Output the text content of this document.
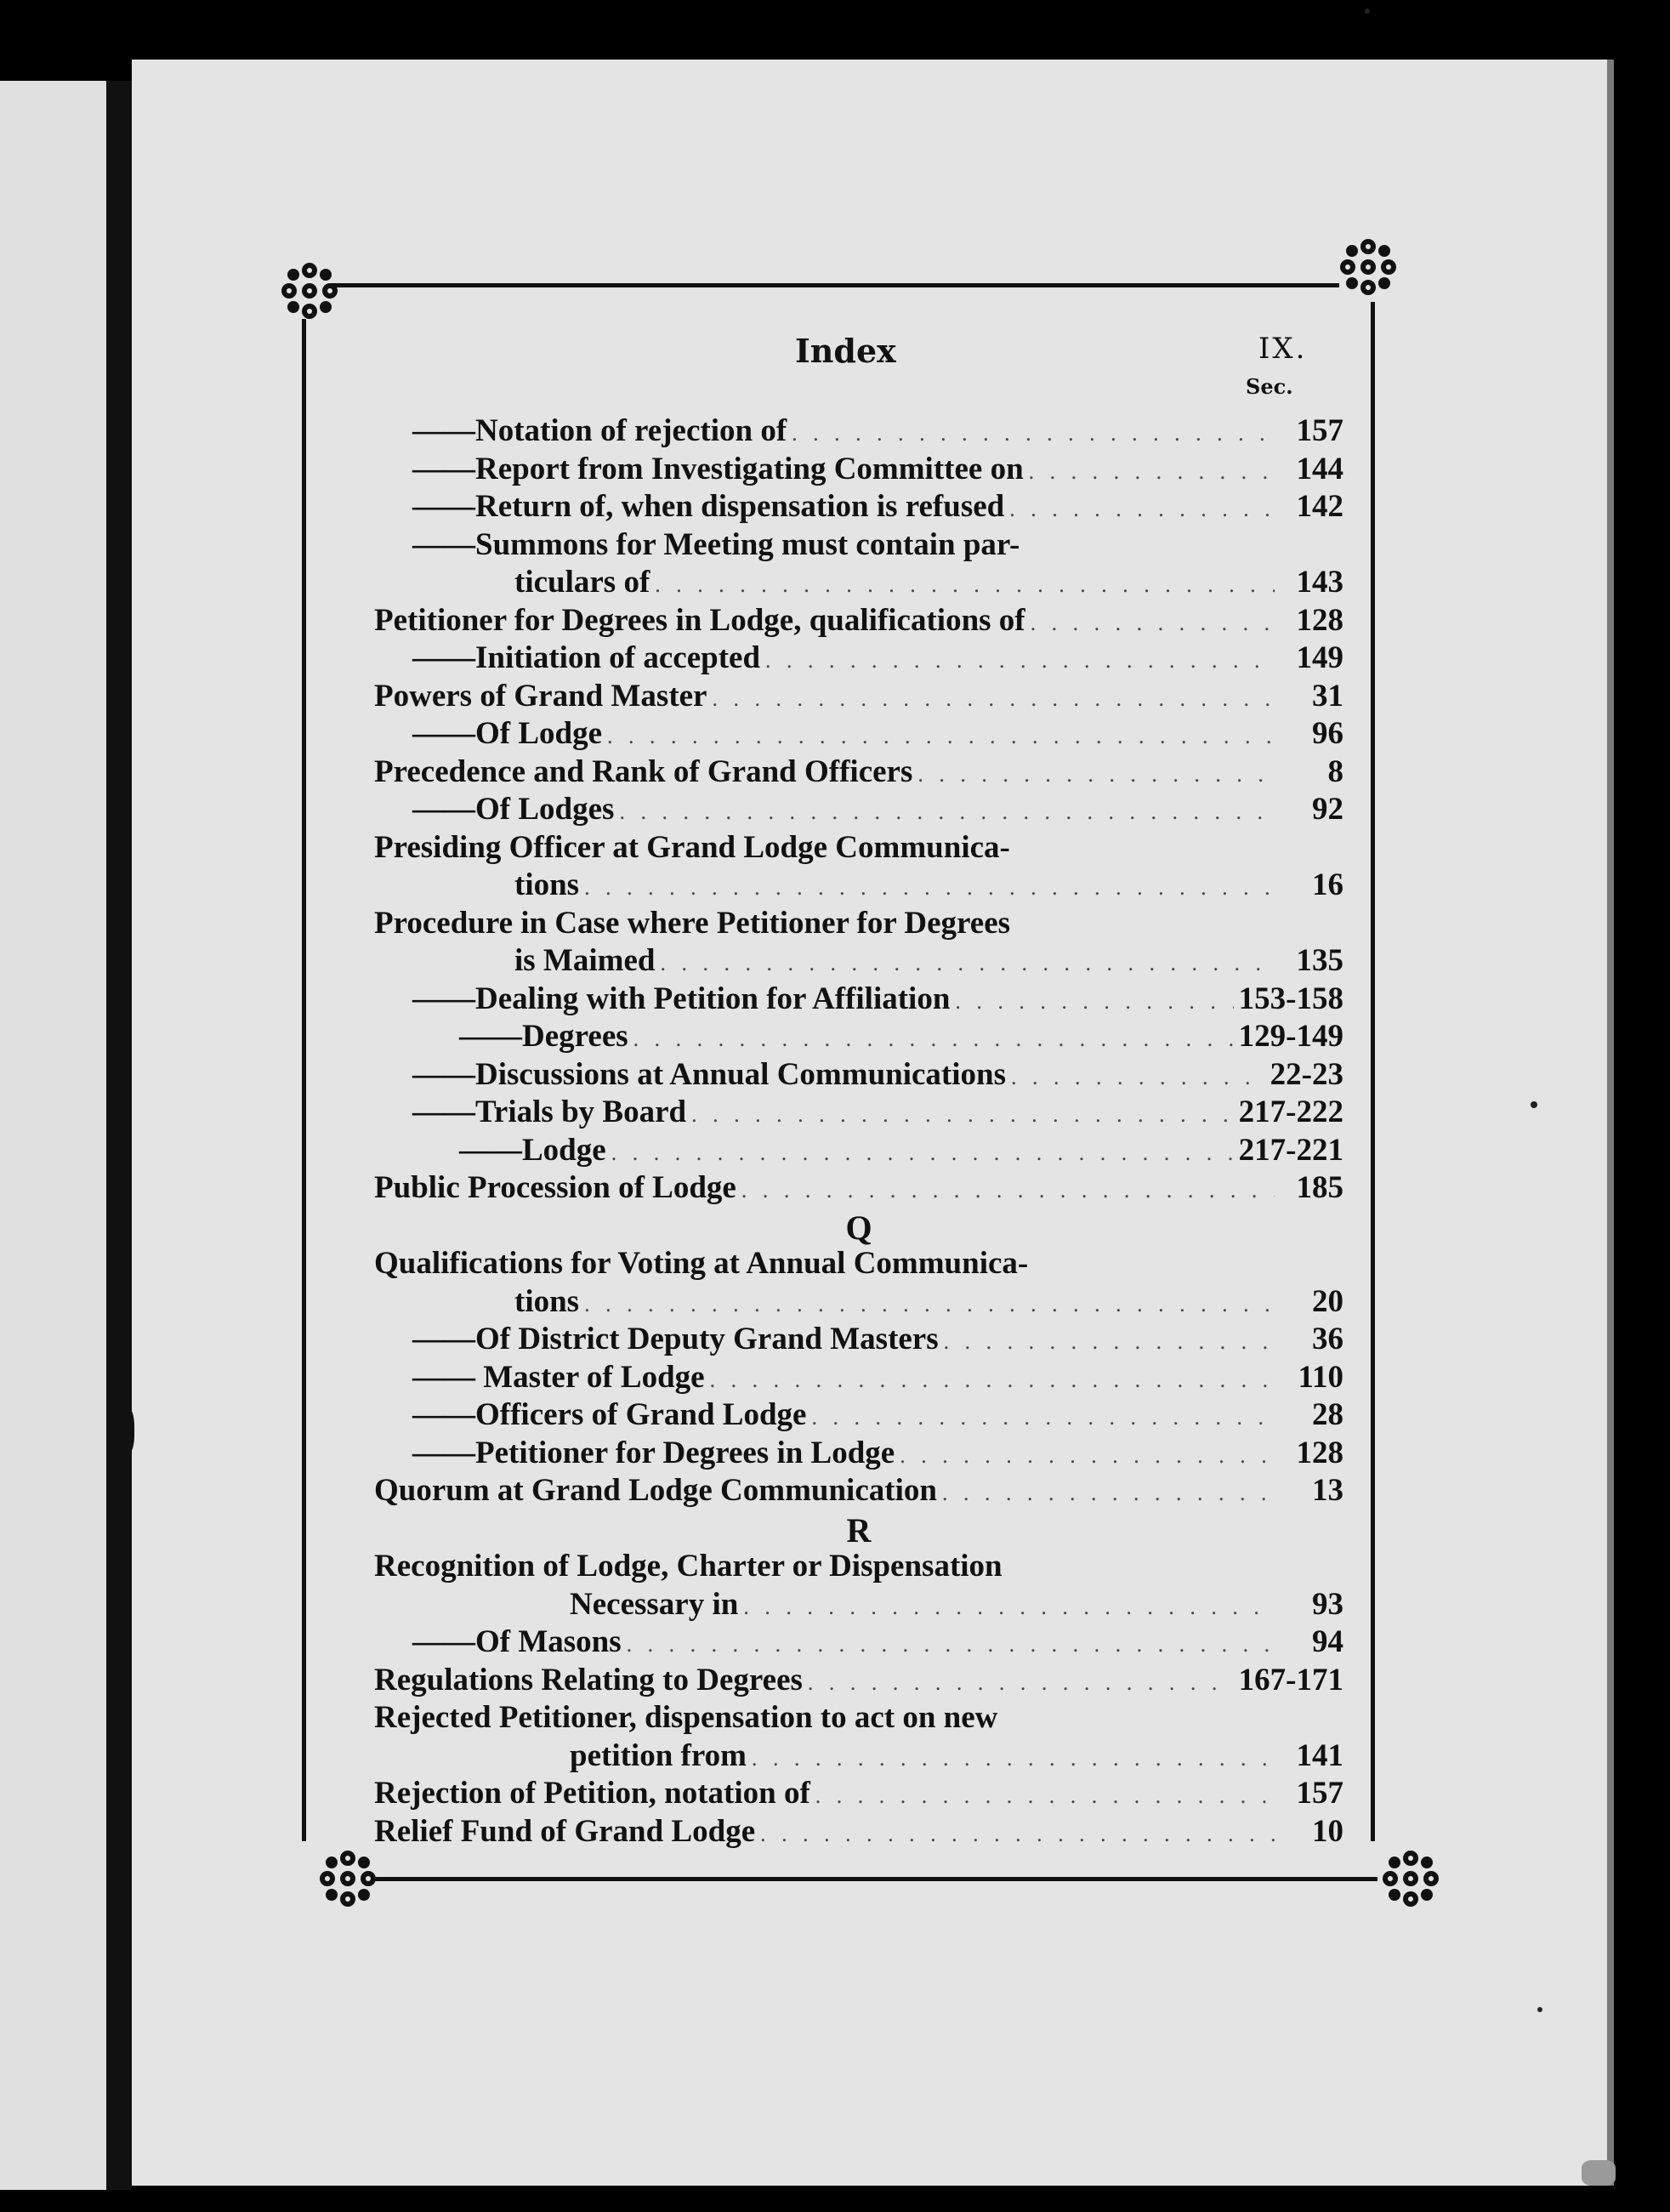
Index	IX.
Sec.
——Notation of rejection of . . .	157
——Report from Investigating Committee on . . .	144
——Return of, when dispensation is refused . . .	142
——Summons for Meeting must contain par-
ticulars of . . .	143
Petitioner for Degrees in Lodge, qualifications of . . .	128
——Initiation of accepted . . .	149
Powers of Grand Master . . .	31
——Of Lodge . . .	96
Precedence and Rank of Grand Officers . . .	8
——Of Lodges . . .	92
Presiding Officer at Grand Lodge Communica-
tions . . .	16
Procedure in Case where Petitioner for Degrees
is Maimed . . .	135
——Dealing with Petition for Affiliation . . .	153-158
——Degrees . . .	129-149
——Discussions at Annual Communications . . .	22-23
——Trials by Board . . .	217-222
——Lodge . . .	217-221
Public Procession of Lodge . . .	185
Q
Qualifications for Voting at Annual Communica-
tions . . .	20
——Of District Deputy Grand Masters . . .	36
—— Master of Lodge . . .	110
——Officers of Grand Lodge . . .	28
——Petitioner for Degrees in Lodge . . .	128
Quorum at Grand Lodge Communication . . .	13
R
Recognition of Lodge, Charter or Dispensation
Necessary in . . .	93
——Of Masons . . .	94
Regulations Relating to Degrees . . .	167-171
Rejected Petitioner, dispensation to act on new
petition from . . .	141
Rejection of Petition, notation of . . .	157
Relief Fund of Grand Lodge . . .	10
